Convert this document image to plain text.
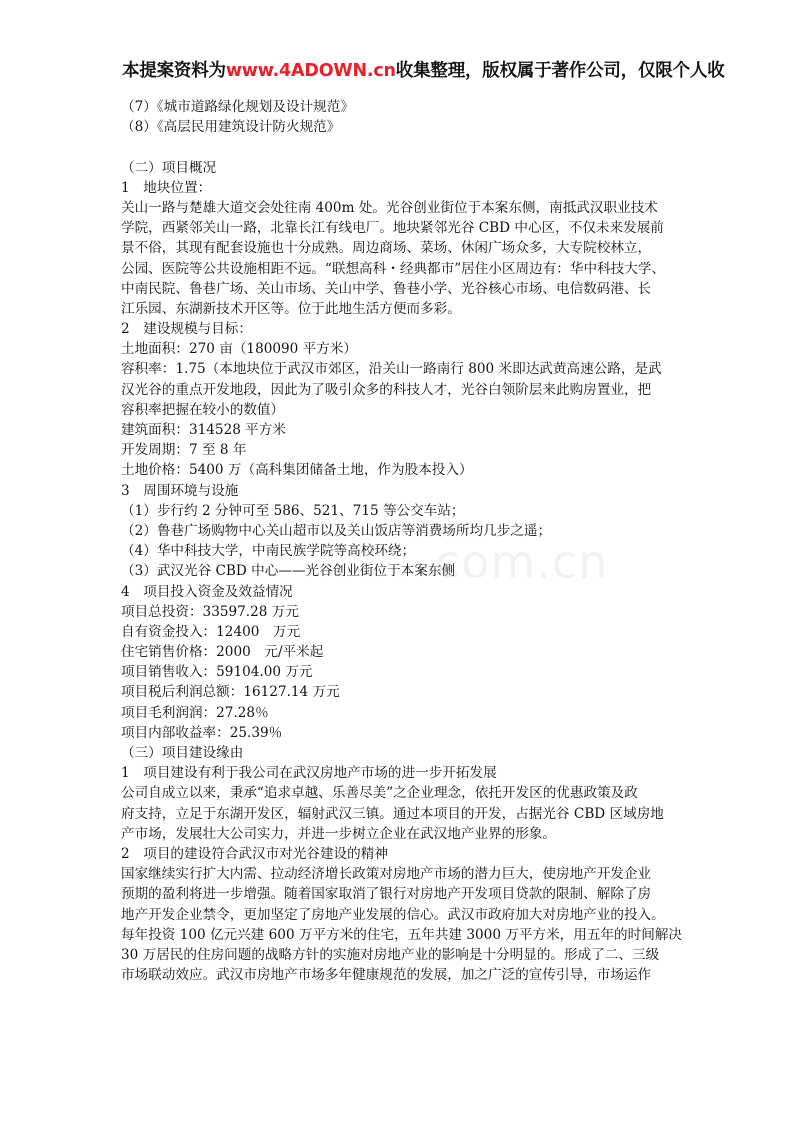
本提案资料为www.4ADOWN.cn收集整理，版权属于著作公司，仅限个人收
com.cn
（7）《城市道路绿化规划及设计规范》
（8）《高层民用建筑设计防火规范》
（二）项目概况
1　地块位置：
关山一路与楚雄大道交会处往南 400m 处。光谷创业街位于本案东侧，南抵武汉职业技术
学院，西紧邻关山一路，北靠长江有线电厂。地块紧邻光谷 CBD 中心区，不仅未来发展前
景不俗，其现有配套设施也十分成熟。周边商场、菜场、休闲广场众多，大专院校林立，
公园、医院等公共设施相距不远。“联想高科・经典都市”居住小区周边有：华中科技大学、
中南民院、鲁巷广场、关山市场、关山中学、鲁巷小学、光谷核心市场、电信数码港、长
江乐园、东湖新技术开区等。位于此地生活方便而多彩。
2　建设规模与目标：
土地面积：270 亩（180090 平方米）
容积率：1.75（本地块位于武汉市郊区，沿关山一路南行 800 米即达武黄高速公路，是武
汉光谷的重点开发地段，因此为了吸引众多的科技人才，光谷白领阶层来此购房置业，把
容积率把握在较小的数值）
建筑面积：314528 平方米
开发周期：7 至 8 年
土地价格：5400 万（高科集团储备土地，作为股本投入）
3　周围环境与设施
（1）步行约 2 分钟可至 586、521、715 等公交车站；
（2）鲁巷广场购物中心关山超市以及关山饭店等消费场所均几步之遥；
（4）华中科技大学，中南民族学院等高校环绕；
（3）武汉光谷 CBD 中心——光谷创业街位于本案东侧
4　项目投入资金及效益情况
项目总投资：33597.28 万元
自有资金投入：12400　万元
住宅销售价格：2000　元/平米起
项目销售收入：59104.00 万元
项目税后利润总额：16127.14 万元
项目毛利润润：27.28％
项目内部收益率：25.39％
（三）项目建设缘由
1　项目建设有利于我公司在武汉房地产市场的进一步开拓发展
公司自成立以来，秉承“追求卓越、乐善尽美”之企业理念，依托开发区的优惠政策及政
府支持，立足于东湖开发区，辐射武汉三镇。通过本项目的开发，占据光谷 CBD 区域房地
产市场，发展壮大公司实力，并进一步树立企业在武汉地产业界的形象。
2　项目的建设符合武汉市对光谷建设的精神
国家继续实行扩大内需、拉动经济增长政策对房地产市场的潜力巨大，使房地产开发企业
预期的盈利将进一步增强。随着国家取消了银行对房地产开发项目贷款的限制、解除了房
地产开发企业禁令，更加坚定了房地产业发展的信心。武汉市政府加大对房地产业的投入。
每年投资 100 亿元兴建 600 万平方米的住宅，五年共建 3000 万平方米，用五年的时间解决
30 万居民的住房问题的战略方针的实施对房地产业的影响是十分明显的。形成了二、三级
市场联动效应。武汉市房地产市场多年健康规范的发展，加之广泛的宣传引导，市场运作
